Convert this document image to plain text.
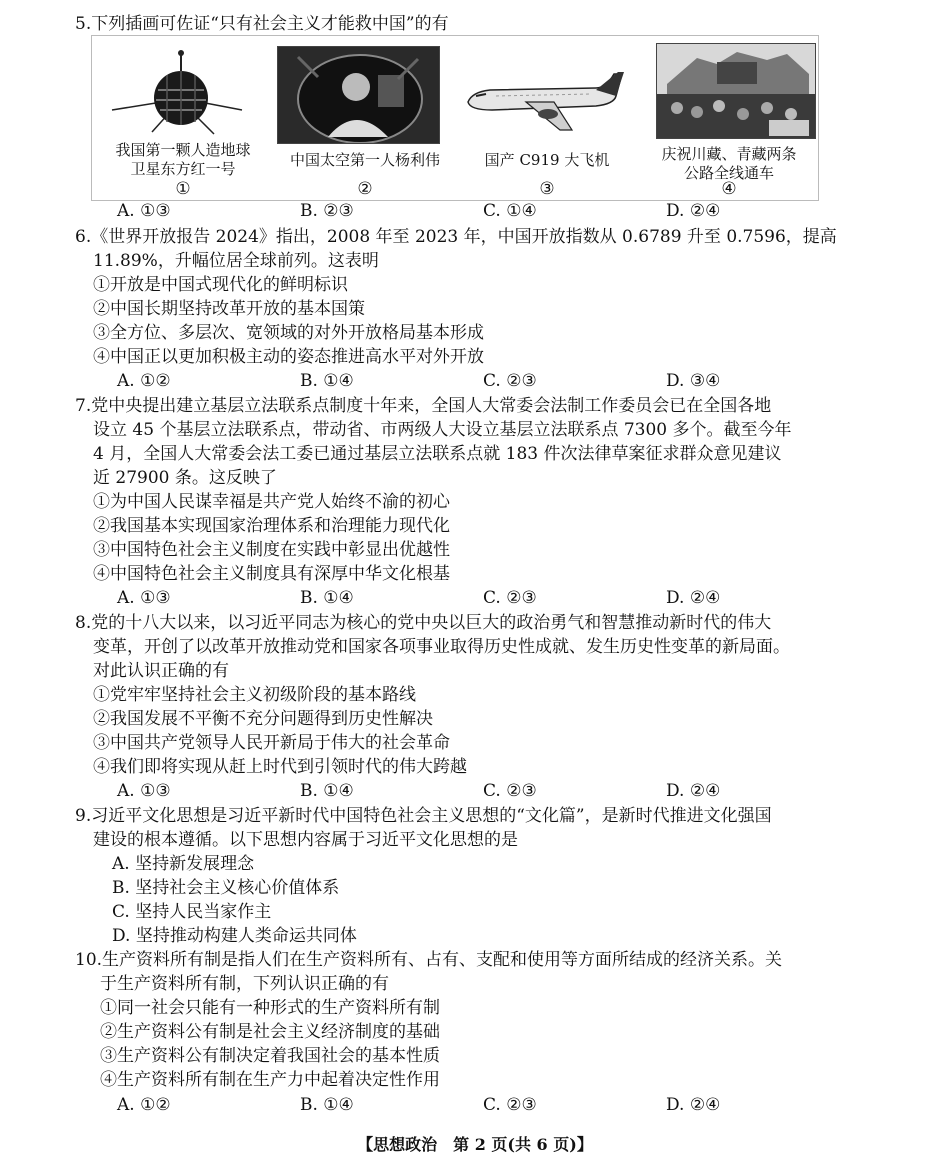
5.下列插画可佐证“只有社会主义才能救中国”的有
我国第一颗人造地球
卫星东方红一号
①
中国太空第一人杨利伟
②
国产 C919 大飞机
③
庆祝川藏、青藏两条
公路全线通车
④
A. ①③	B. ②③	C. ①④	D. ②④
6.《世界开放报告 2024》指出，2008 年至 2023 年，中国开放指数从 0.6789 升至 0.7596，提高
11.89%，升幅位居全球前列。这表明
①开放是中国式现代化的鲜明标识
②中国长期坚持改革开放的基本国策
③全方位、多层次、宽领域的对外开放格局基本形成
④中国正以更加积极主动的姿态推进高水平对外开放
A. ①②	B. ①④	C. ②③	D. ③④
7.党中央提出建立基层立法联系点制度十年来，全国人大常委会法制工作委员会已在全国各地
设立 45 个基层立法联系点，带动省、市两级人大设立基层立法联系点 7300 多个。截至今年
4 月，全国人大常委会法工委已通过基层立法联系点就 183 件次法律草案征求群众意见建议
近 27900 条。这反映了
①为中国人民谋幸福是共产党人始终不渝的初心
②我国基本实现国家治理体系和治理能力现代化
③中国特色社会主义制度在实践中彰显出优越性
④中国特色社会主义制度具有深厚中华文化根基
A. ①③	B. ①④	C. ②③	D. ②④
8.党的十八大以来，以习近平同志为核心的党中央以巨大的政治勇气和智慧推动新时代的伟大
变革，开创了以改革开放推动党和国家各项事业取得历史性成就、发生历史性变革的新局面。
对此认识正确的有
①党牢牢坚持社会主义初级阶段的基本路线
②我国发展不平衡不充分问题得到历史性解决
③中国共产党领导人民开新局于伟大的社会革命
④我们即将实现从赶上时代到引领时代的伟大跨越
A. ①③	B. ①④	C. ②③	D. ②④
9.习近平文化思想是习近平新时代中国特色社会主义思想的“文化篇”，是新时代推进文化强国
建设的根本遵循。以下思想内容属于习近平文化思想的是
A. 坚持新发展理念
B. 坚持社会主义核心价值体系
C. 坚持人民当家作主
D. 坚持推动构建人类命运共同体
10.生产资料所有制是指人们在生产资料所有、占有、支配和使用等方面所结成的经济关系。关
于生产资料所有制，下列认识正确的有
①同一社会只能有一种形式的生产资料所有制
②生产资料公有制是社会主义经济制度的基础
③生产资料公有制决定着我国社会的基本性质
④生产资料所有制在生产力中起着决定性作用
A. ①②	B. ①④	C. ②③	D. ②④
【思想政治　第 2 页(共 6 页)】
